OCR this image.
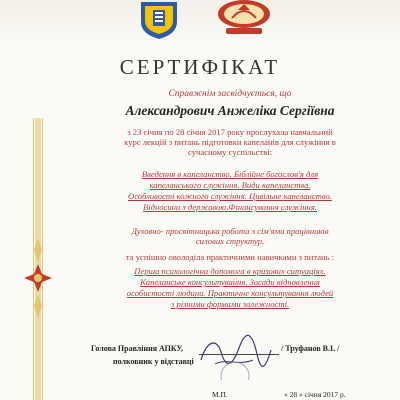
СЕРТИФІКАТ
Справжнім засвідчується, що
Александрович Анжеліка Сергіївна
з 23 січня по 28 січня 2017 року прослухала навчальний
курс лекцій з питань підготовки капеланів для служіння в
сучасному суспільстві:
Введення в капеланство. Біблійне богослов'я для
капеланського служіння. Види капеланства.
Особливості кожного служіння. Цивільне капеланство.
Відносини з державою.Фінансування служіння.
Духовно- просвітницька робота з сім'ями працівників
силових структур.
та успішно оволоділа практичними навичками з питань :
Перша психологічна допомога в кризових ситуаціях.
Капеланське консультування. Засади відновлення
особистості людини. Практичне консультування людей
з різними формами залежності.
Голова Правління АПКУ,
полковник у відставці
/ Труфанов В.І. /
М.П.	« 28 » січня 2017 р.
